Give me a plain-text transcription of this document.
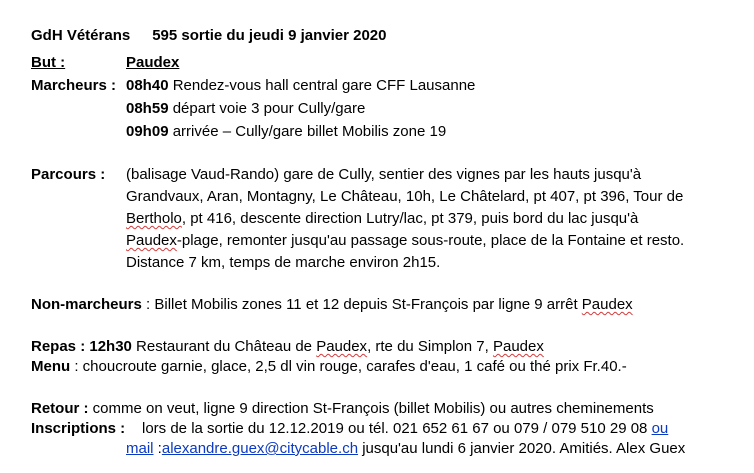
GdH Vétérans 595 sortie du jeudi 9 janvier 2020
But :	Paudex
Marcheurs : 08h40 Rendez-vous hall central gare CFF Lausanne
08h59 départ voie 3 pour Cully/gare
09h09 arrivée – Cully/gare billet Mobilis zone 19
Parcours : (balisage Vaud-Rando) gare de Cully, sentier des vignes par les hauts jusqu'à
Grandvaux, Aran, Montagny, Le Château, 10h, Le Châtelard, pt 407, pt 396, Tour de
Bertholo, pt 416, descente direction Lutry/lac, pt 379, puis bord du lac jusqu'à
Paudex-plage, remonter jusqu'au passage sous-route, place de la Fontaine et resto.
Distance 7 km, temps de marche environ 2h15.
Non-marcheurs : Billet Mobilis zones 11 et 12 depuis St-François par ligne 9 arrêt Paudex
Repas : 12h30 Restaurant du Château de Paudex, rte du Simplon 7, Paudex
Menu : choucroute garnie, glace, 2,5 dl vin rouge, carafes d'eau, 1 café ou thé prix Fr.40.-
Retour : comme on veut, ligne 9 direction St-François (billet Mobilis) ou autres cheminements
Inscriptions : lors de la sortie du 12.12.2019 ou tél. 021 652 61 67 ou 079 / 079 510 29 08 ou
mail :alexandre.guex@citycable.ch jusqu'au lundi 6 janvier 2020. Amitiés. Alex Guex
